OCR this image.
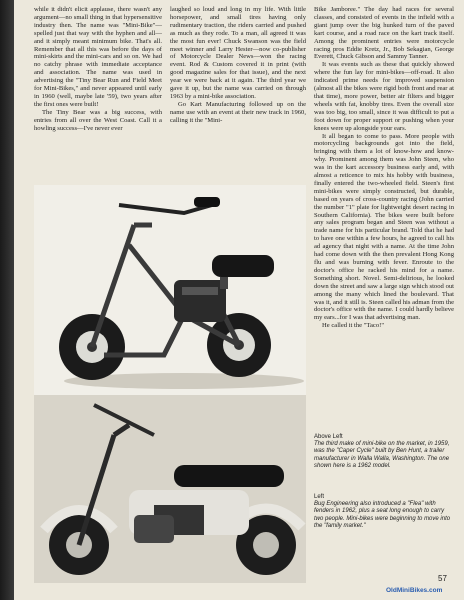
while it didn't elicit applause, there wasn't any argument—no small thing in that hypersensitive industry then. The name was "Mini-Bike"—spelled just that way with the hyphen and all—and it simply meant minimum bike. That's all. Remember that all this was before the days of mini-skirts and the mini-cars and so on. We had no catchy phrase with immediate acceptance and association. The name was used in advertising the "Tiny Bear Run and Field Meet for Mini-Bikes," and never appeared until early in 1960 (well, maybe late '59), two years after the first ones were built!

The Tiny Bear was a big success, with entries from all over the West Coast. Call it a howling success—I've never ever

laughed so loud and long in my life. With little horsepower, and small tires having only rudimentary traction, the riders carried and pushed as much as they rode. To a man, all agreed it was the most fun ever! Chuck Swanson was the field meet winner and Larry Hester—now co-publisher of Motorcycle Dealer News—won the racing event. Rod & Custom covered it in print (with good magazine sales for that issue), and the next year we were back at it again. The third year we gave it up, but the name was carried on through 1963 by a mini-bike association.

Go Kart Manufacturing followed up on the name use with an event at their new track in 1960, calling it the "Mini-

Bike Jamboree." The day had races for several classes, and consisted of events in the infield with a giant jump over the big hunked turn of the paved kart course, and a road race on the kart track itself. Among the prominent entries were motorcycle racing pros Eddie Kretz, Jr., Bob Sekagian, George Everett, Chuck Gibson and Sammy Tanner.

It was events such as these that quickly showed where the fun lay for mini-bikes—off-road. It also indicated prime needs for improved suspension (almost all the bikes were rigid both front and rear at that time), more power, better air filters and bigger wheels with fat, knobby tires. Even the overall size was too big, too small, since it was difficult to put a foot down for proper support or pushing when your knees were up alongside your ears.

It all began to come to pass. More people with motorcycling backgrounds got into the field, bringing with them a lot of know-how and know-why. Prominent among them was John Steen, who was in the kart accessory business early and, with almost a reticence to mix his hobby with business, finally entered the two-wheeled field. Steen's first mini-bikes were simply constructed, but durable, based on years of cross-country racing (John carried the number "1" plate for lightweight desert racing in Southern California). The bikes were built before any sales program began and Steen was without a trade name for his particular brand. Told that he had to have one within a few hours, he agreed to call his ad agency that night with a name. At the time John had come down with the then prevalent Hong Kong flu and was burning with fever. Enroute to the doctor's office he racked his mind for a name. Something short. Novel. Semi-delirious, he looked down the street and saw a large sign which stood out among the many which lined the boulevard. That was it, and it still is. Steen called his adman from the doctor's office with the name. I could hardly believe my ears...for I was that advertising man.

He called it the "Taco!"

Above Left
The third make of mini-bike on the market, in 1959, was the "Caper Cycle" built by Ben Hunt, a trailer manufacturer in Walla Walla, Washington. The one shown here is a 1962 model.
Left
Bug Engineering also introduced a "Flea" with fenders in 1962, plus a seat long enough to carry two people. Mini-bikes were beginning to move into the "family market."
57
OldMiniBikes.com
